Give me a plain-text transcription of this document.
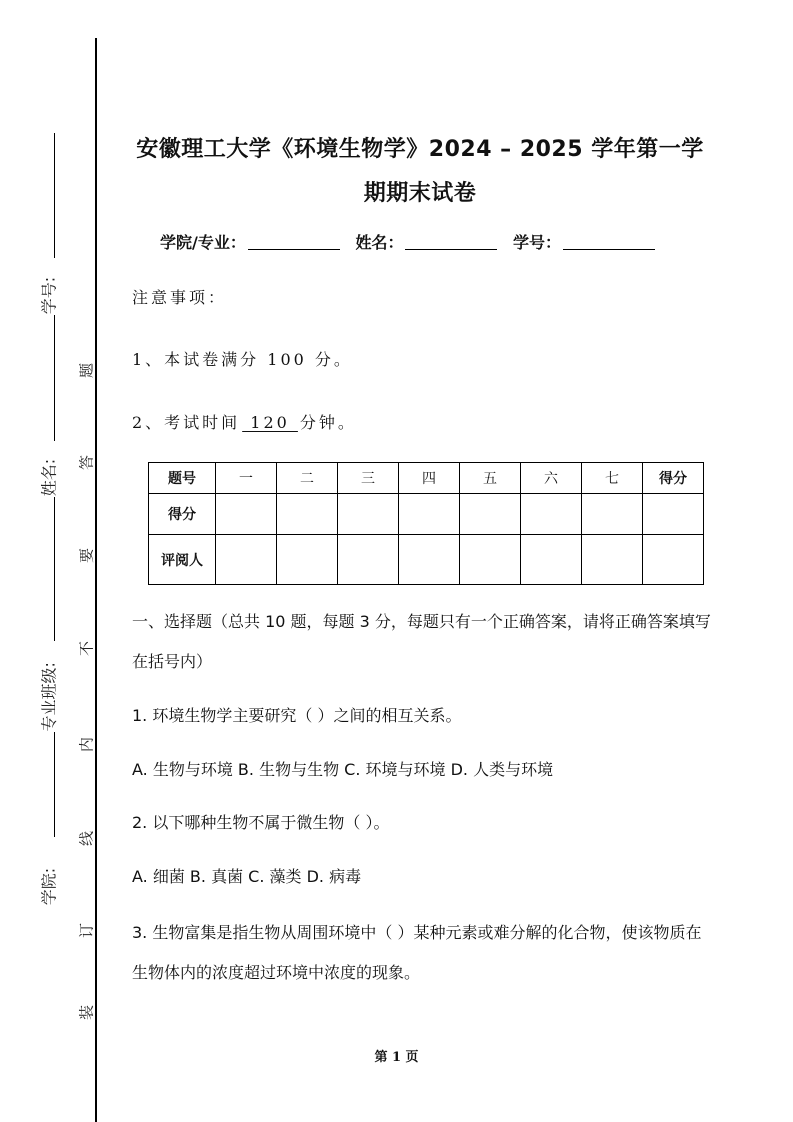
学号:
姓名:
专业班级:
学院:
题
答
要
不
内
线
订
装
安徽理工大学《环境生物学》2024 – 2025 学年第一学
期期末试卷
学院/专业：	姓名：	学号：
注意事项：
1、本试卷满分 100 分。
2、考试时间 120 分钟。
题号	一	二	三	四	五	六	七	得分
得分								
评阅人								
一、选择题（总共 10 题，每题 3 分，每题只有一个正确答案，请将正确答案填写在括号内）
1. 环境生物学主要研究（ ）之间的相互关系。
A. 生物与环境 B. 生物与生物 C. 环境与环境 D. 人类与环境
2. 以下哪种生物不属于微生物（ ）。
A. 细菌 B. 真菌 C. 藻类 D. 病毒
3. 生物富集是指生物从周围环境中（ ）某种元素或难分解的化合物，使该物质在生物体内的浓度超过环境中浓度的现象。
第 1 页
